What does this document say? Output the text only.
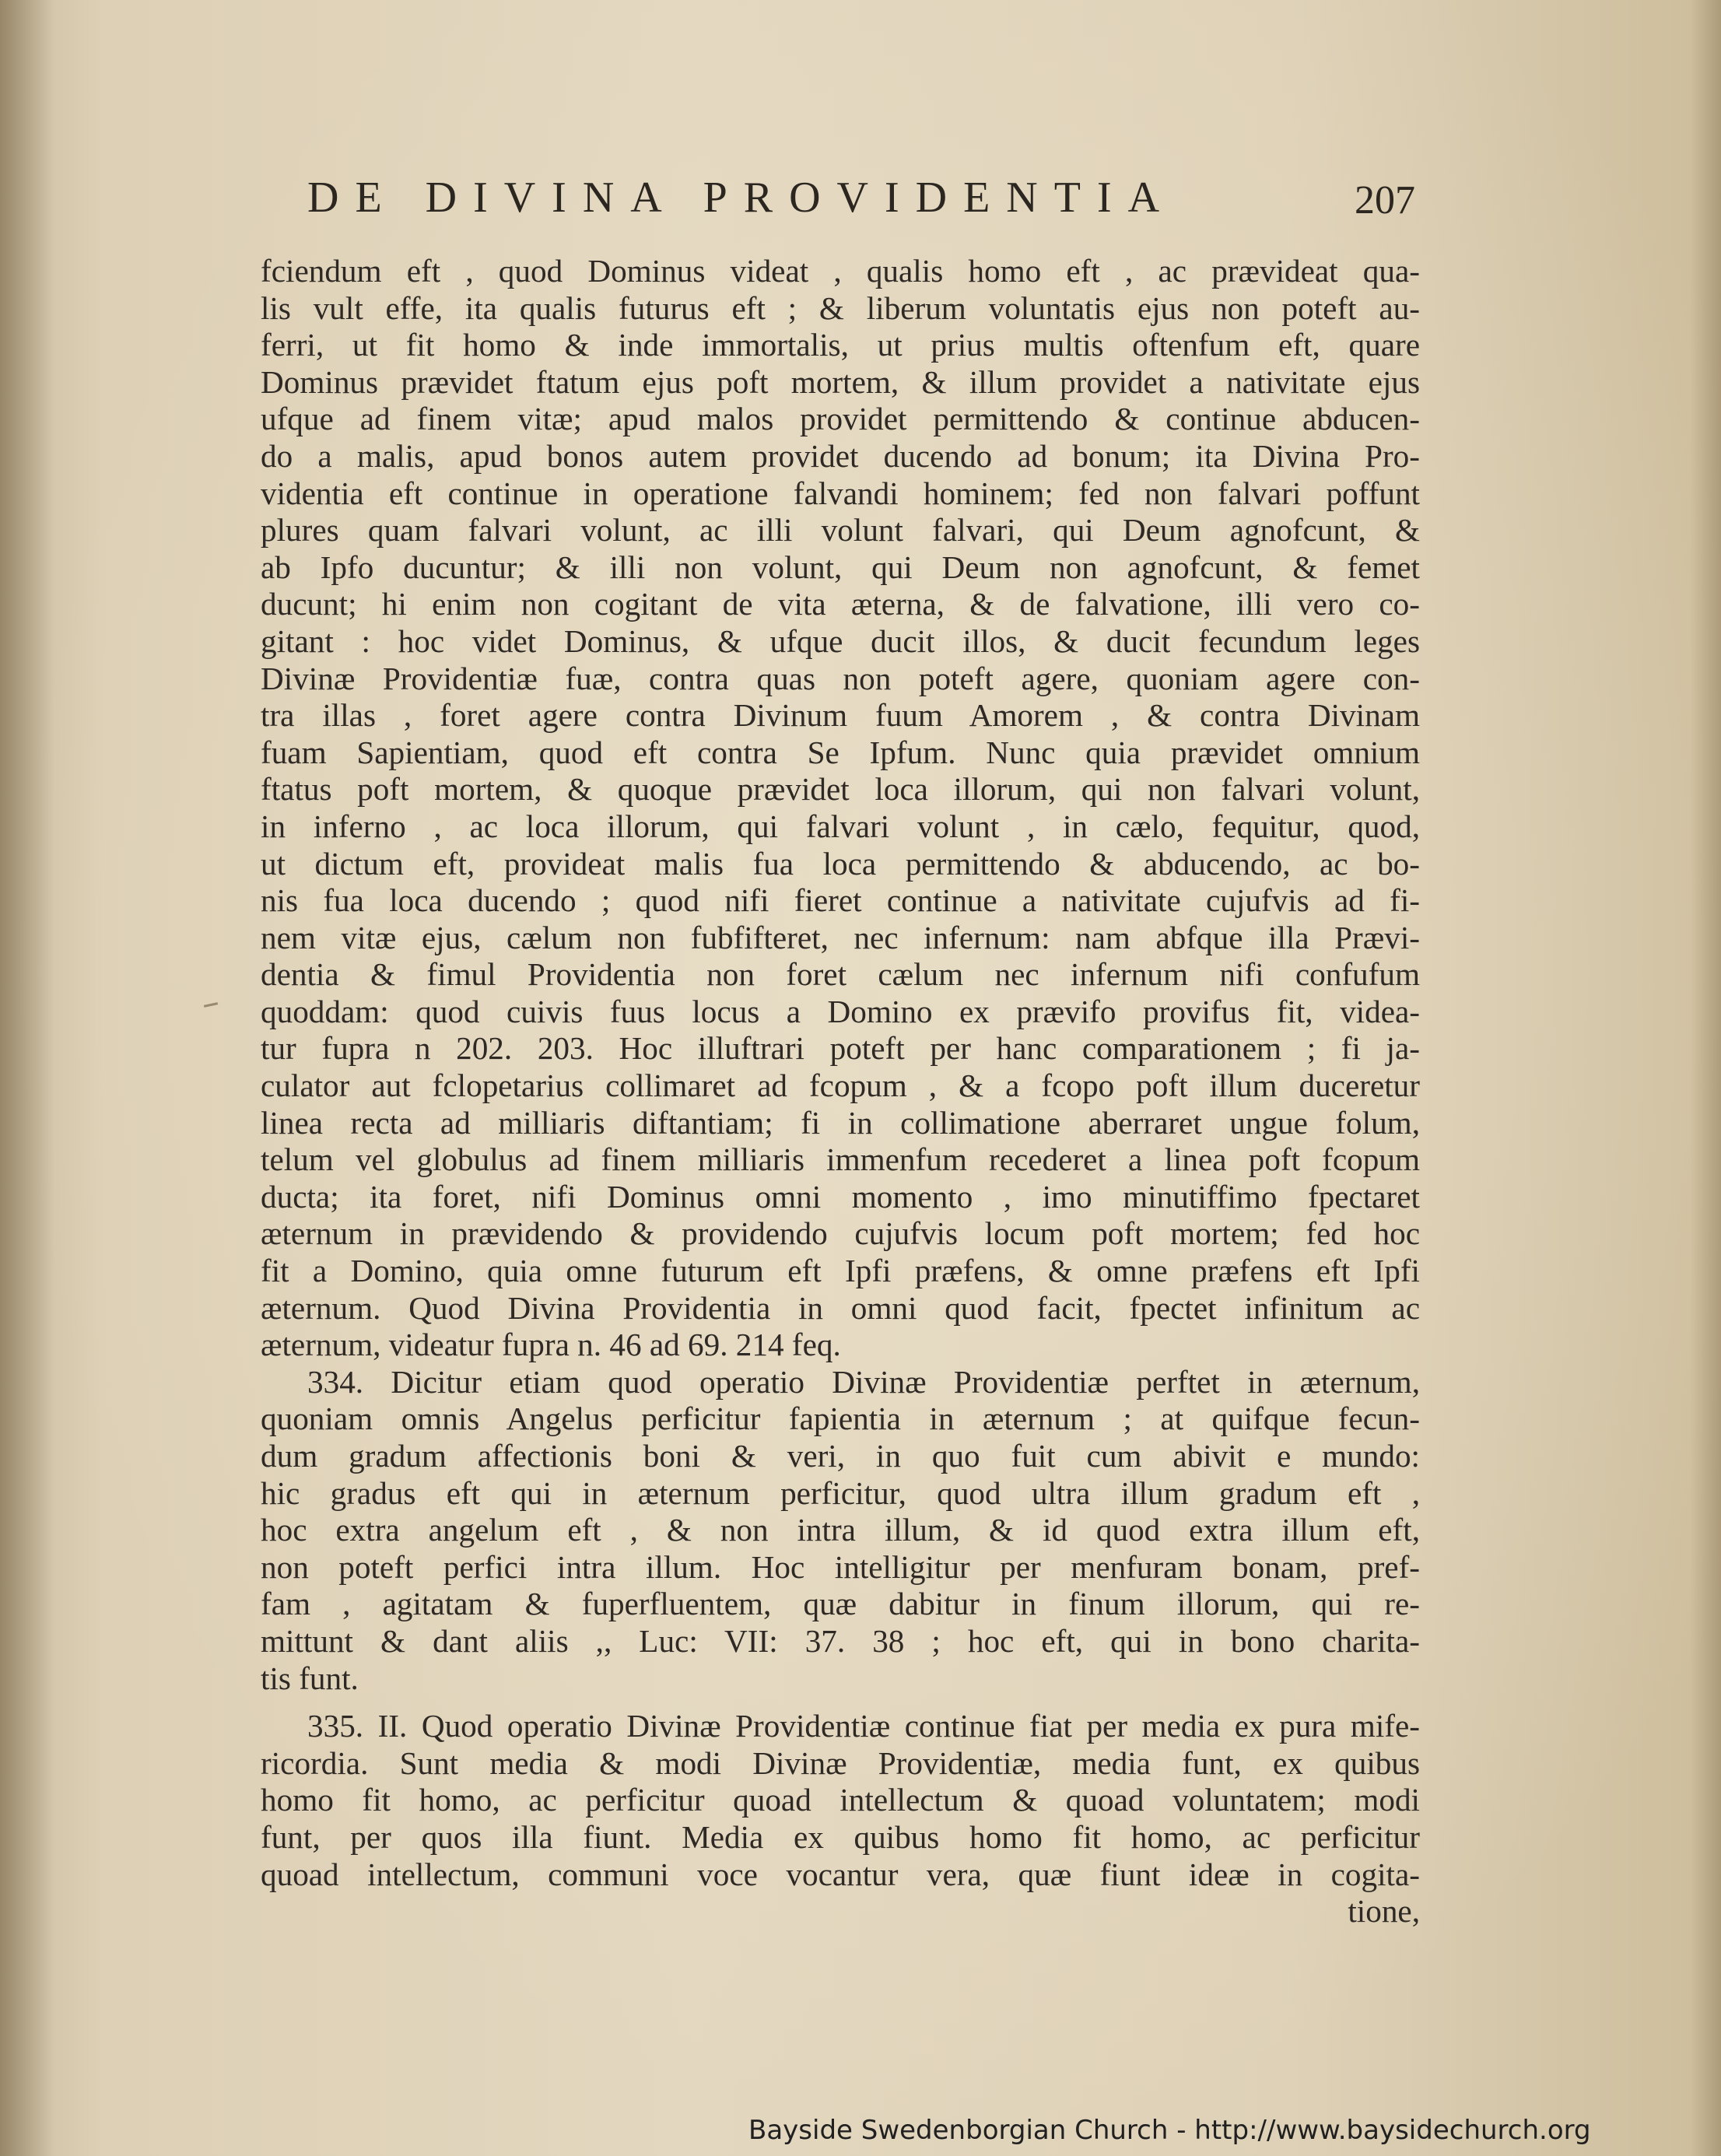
DE DIVINA PROVIDENTIA	207
fciendum eft , quod Dominus videat , qualis homo eft , ac prævideat qua-
lis vult effe, ita qualis futurus eft ; & liberum voluntatis ejus non poteft au-
ferri, ut fit homo & inde immortalis, ut prius multis oftenfum eft, quare
Dominus prævidet ftatum ejus poft mortem, & illum providet a nativitate ejus
ufque ad finem vitæ; apud malos providet permittendo & continue abducen-
do a malis, apud bonos autem providet ducendo ad bonum; ita Divina Pro-
videntia eft continue in operatione falvandi hominem; fed non falvari poffunt
plures quam falvari volunt, ac illi volunt falvari, qui Deum agnofcunt, &
ab Ipfo ducuntur; & illi non volunt, qui Deum non agnofcunt, & femet
ducunt; hi enim non cogitant de vita æterna, & de falvatione, illi vero co-
gitant : hoc videt Dominus, & ufque ducit illos, & ducit fecundum leges
Divinæ Providentiæ fuæ, contra quas non poteft agere, quoniam agere con-
tra illas , foret agere contra Divinum fuum Amorem , & contra Divinam
fuam Sapientiam, quod eft contra Se Ipfum. Nunc quia prævidet omnium
ftatus poft mortem, & quoque prævidet loca illorum, qui non falvari volunt,
in inferno , ac loca illorum, qui falvari volunt , in cælo, fequitur, quod,
ut dictum eft, provideat malis fua loca permittendo & abducendo, ac bo-
nis fua loca ducendo ; quod nifi fieret continue a nativitate cujufvis ad fi-
nem vitæ ejus, cælum non fubfifteret, nec infernum: nam abfque illa Prævi-
dentia & fimul Providentia non foret cælum nec infernum nifi confufum
quoddam: quod cuivis fuus locus a Domino ex prævifo provifus fit, videa-
tur fupra n 202. 203. Hoc illuftrari poteft per hanc comparationem ; fi ja-
culator aut fclopetarius collimaret ad fcopum , & a fcopo poft illum duceretur
linea recta ad milliaris diftantiam; fi in collimatione aberraret ungue folum,
telum vel globulus ad finem milliaris immenfum recederet a linea poft fcopum
ducta; ita foret, nifi Dominus omni momento , imo minutiffimo fpectaret
æternum in prævidendo & providendo cujufvis locum poft mortem; fed hoc
fit a Domino, quia omne futurum eft Ipfi præfens, & omne præfens eft Ipfi
æternum. Quod Divina Providentia in omni quod facit, fpectet infinitum ac
æternum, videatur fupra n. 46 ad 69. 214 feq.
334. Dicitur etiam quod operatio Divinæ Providentiæ perftet in æternum,
quoniam omnis Angelus perficitur fapientia in æternum ; at quifque fecun-
dum gradum affectionis boni & veri, in quo fuit cum abivit e mundo:
hic gradus eft qui in æternum perficitur, quod ultra illum gradum eft ,
hoc extra angelum eft , & non intra illum, & id quod extra illum eft,
non poteft perfici intra illum. Hoc intelligitur per menfuram bonam, pref-
fam , agitatam & fuperfluentem, quæ dabitur in finum illorum, qui re-
mittunt & dant aliis ,, Luc: VII: 37. 38 ; hoc eft, qui in bono charita-
tis funt.
335. II. Quod operatio Divinæ Providentiæ continue fiat per media ex pura mife-
ricordia. Sunt media & modi Divinæ Providentiæ, media funt, ex quibus
homo fit homo, ac perficitur quoad intellectum & quoad voluntatem; modi
funt, per quos illa fiunt. Media ex quibus homo fit homo, ac perficitur
quoad intellectum, communi voce vocantur vera, quæ fiunt ideæ in cogita-
tione,
Bayside Swedenborgian Church - http://www.baysidechurch.org
